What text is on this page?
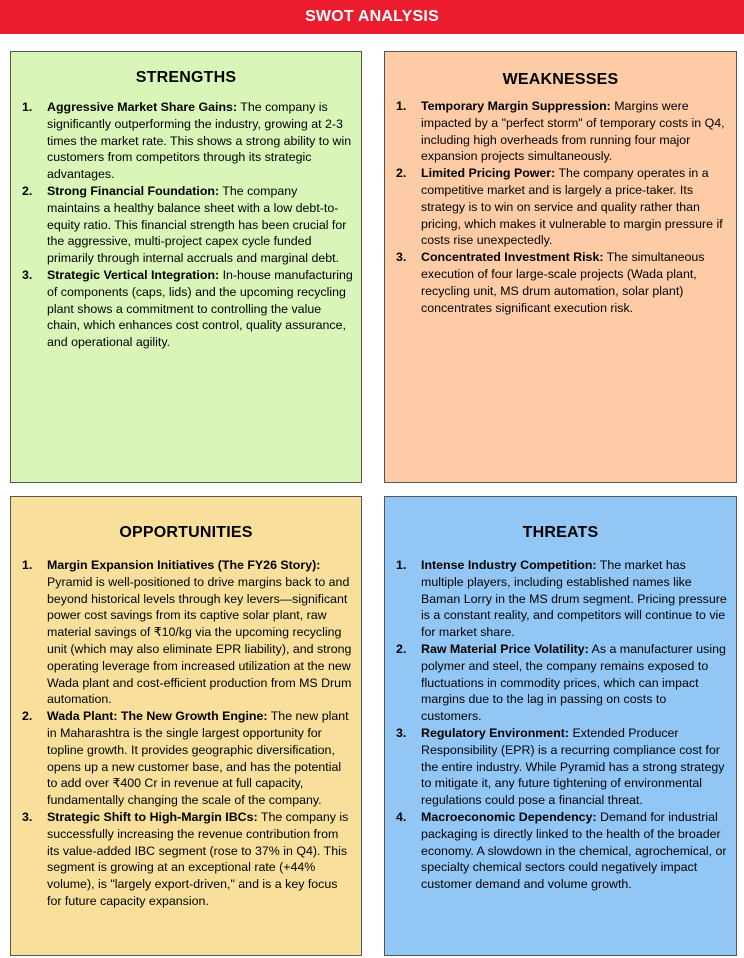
SWOT ANALYSIS
STRENGTHS
1. Aggressive Market Share Gains: The company is significantly outperforming the industry, growing at 2-3 times the market rate. This shows a strong ability to win customers from competitors through its strategic advantages.
2. Strong Financial Foundation: The company maintains a healthy balance sheet with a low debt-to-equity ratio. This financial strength has been crucial for the aggressive, multi-project capex cycle funded primarily through internal accruals and marginal debt.
3. Strategic Vertical Integration: In-house manufacturing of components (caps, lids) and the upcoming recycling plant shows a commitment to controlling the value chain, which enhances cost control, quality assurance, and operational agility.
WEAKNESSES
1. Temporary Margin Suppression: Margins were impacted by a "perfect storm" of temporary costs in Q4, including high overheads from running four major expansion projects simultaneously.
2. Limited Pricing Power: The company operates in a competitive market and is largely a price-taker. Its strategy is to win on service and quality rather than pricing, which makes it vulnerable to margin pressure if costs rise unexpectedly.
3. Concentrated Investment Risk: The simultaneous execution of four large-scale projects (Wada plant, recycling unit, MS drum automation, solar plant) concentrates significant execution risk.
OPPORTUNITIES
1. Margin Expansion Initiatives (The FY26 Story): Pyramid is well-positioned to drive margins back to and beyond historical levels through key levers—significant power cost savings from its captive solar plant, raw material savings of ₹10/kg via the upcoming recycling unit (which may also eliminate EPR liability), and strong operating leverage from increased utilization at the new Wada plant and cost-efficient production from MS Drum automation.
2. Wada Plant: The New Growth Engine: The new plant in Maharashtra is the single largest opportunity for topline growth. It provides geographic diversification, opens up a new customer base, and has the potential to add over ₹400 Cr in revenue at full capacity, fundamentally changing the scale of the company.
3. Strategic Shift to High-Margin IBCs: The company is successfully increasing the revenue contribution from its value-added IBC segment (rose to 37% in Q4). This segment is growing at an exceptional rate (+44% volume), is "largely export-driven," and is a key focus for future capacity expansion.
THREATS
1. Intense Industry Competition: The market has multiple players, including established names like Baman Lorry in the MS drum segment. Pricing pressure is a constant reality, and competitors will continue to vie for market share.
2. Raw Material Price Volatility: As a manufacturer using polymer and steel, the company remains exposed to fluctuations in commodity prices, which can impact margins due to the lag in passing on costs to customers.
3. Regulatory Environment: Extended Producer Responsibility (EPR) is a recurring compliance cost for the entire industry. While Pyramid has a strong strategy to mitigate it, any future tightening of environmental regulations could pose a financial threat.
4. Macroeconomic Dependency: Demand for industrial packaging is directly linked to the health of the broader economy. A slowdown in the chemical, agrochemical, or specialty chemical sectors could negatively impact customer demand and volume growth.
